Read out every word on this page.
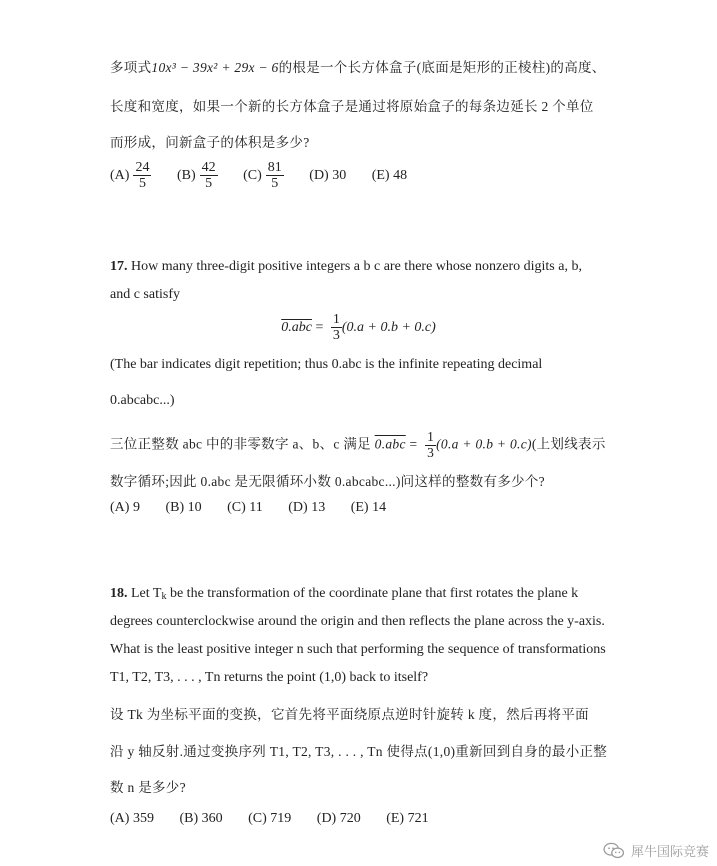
多项式10x³ − 39x² + 29x − 6的根是一个长方体盒子(底面是矩形的正棱柱)的高度、
长度和宽度，如果一个新的长方体盒子是通过将原始盒子的每条边延长 2 个单位
而形成，问新盒子的体积是多少?
$(A) \frac{24}{5} (B) \frac{42}{5} (C) \frac{81}{5} (D)$ 30 (E) 48
17. How many three-digit positive integers a b c are there whose nonzero digits a, b,
and c satisfy
$0.abc = \frac{1}{3} (0.a + 0.b + 0.c)$
(The bar indicates digit repetition; thus 0.abc is the infinite repeating decimal
0.abcabc...)
三位正整数 abc 中的非零数字 a、b、c 满足 $0.abc = \frac{1}{3} (0.a + 0.b + 0.c)$(上划线表示
数字循环;因此 0.abc 是无限循环小数 0.abcabc...)问这样的整数有多少个?
(A) 9 (B) 10 (C) 11 (D) 13 (E) 14
18. Let $T_k$ be the transformation of the coordinate plane that first rotates the plane k
degrees counterclockwise around the origin and then reflects the plane across the y-axis.
What is the least positive integer n such that performing the sequence of transformations
T1, T2, T3, . . . , Tn returns the point (1,0) back to itself?
设 Tk 为坐标平面的变换，它首先将平面绕原点逆时针旋转 k 度，然后再将平面
沿 y 轴反射.通过变换序列 T1, T2, T3, . . . , Tn 使得点(1,0)重新回到自身的最小正整
数 n 是多少?
(A) 359 (B) 360 (C) 719 (D) 720 (E) 721
犀牛国际竞赛
